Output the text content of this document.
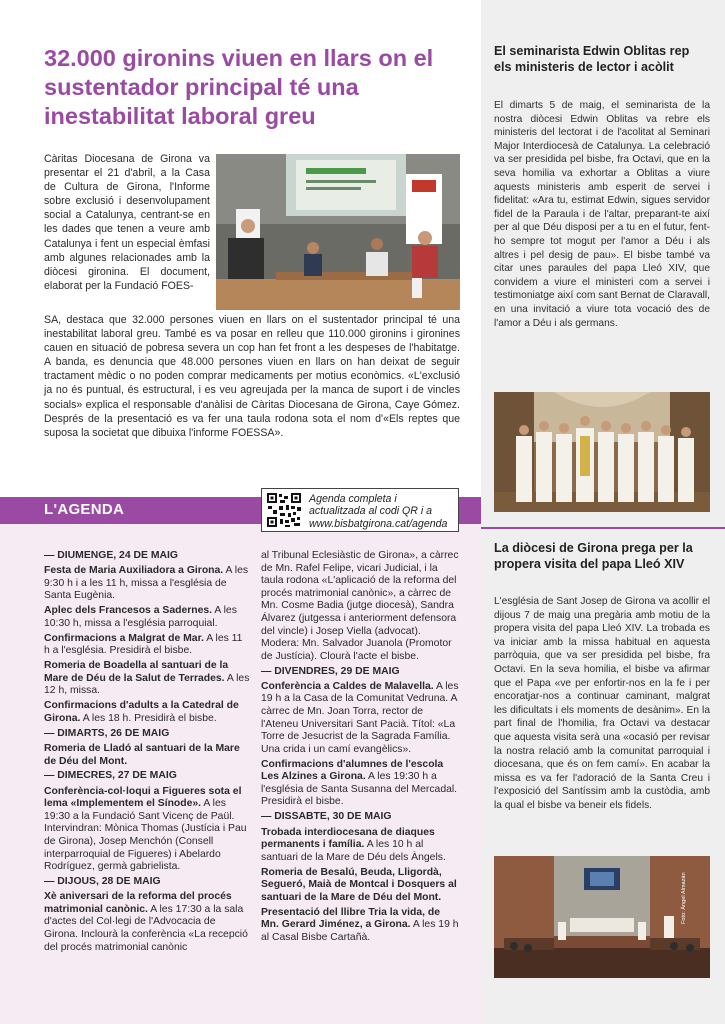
32.000 gironins viuen en llars on el sustentador principal té una inestabilitat laboral greu

Càritas Diocesana de Girona va presentar el 21 d'abril, a la Casa de Cultura de Girona, l'Informe sobre exclusió i desenvolupament social a Catalunya, centrant-se en les dades que tenen a veure amb Catalunya i fent un especial èmfasi amb algunes relacionades amb la diòcesi gironina. El document, elaborat per la Fundació FOES-

SA, destaca que 32.000 persones viuen en llars on el sustentador principal té una inestabilitat laboral greu. També es va posar en relleu que 110.000 gironins i gironines cauen en situació de pobresa severa un cop han fet front a les despeses de l'habitatge. A banda, es denuncia que 48.000 persones viuen en llars on han deixat de seguir tractament mèdic o no poden comprar medicaments per motius econòmics. «L'exclusió ja no és puntual, és estructural, i es veu agreujada per la manca de suport i de vincles socials» explica el responsable d'anàlisi de Càritas Diocesana de Girona, Caye Gómez. Després de la presentació es va fer una taula rodona sota el nom d'«Els reptes que suposa la societat que dibuixa l'informe FOESSA».

L'AGENDA
Agenda completa i actualitzada al codi QR i a www.bisbatgirona.cat/agenda

— DIUMENGE, 24 DE MAIG

Festa de Maria Auxiliadora a Girona. A les 9:30 h i a les 11 h, missa a l'església de Santa Eugènia.

Aplec dels Francesos a Sadernes. A les 10:30 h, missa a l'església parroquial.

Confirmacions a Malgrat de Mar. A les 11 h a l'església. Presidirà el bisbe.

Romeria de Boadella al santuari de la Mare de Déu de la Salut de Terrades. A les 12 h, missa.

Confirmacions d'adults a la Catedral de Girona. A les 18 h. Presidirà el bisbe.

— DIMARTS, 26 DE MAIG

Romeria de Lladó al santuari de la Mare de Déu del Mont.

— DIMECRES, 27 DE MAIG

Conferència-col·loqui a Figueres sota el lema «Implementem el Sínode». A les 19:30 a la Fundació Sant Vicenç de Paül. Intervindran: Mònica Thomas (Justícia i Pau de Girona), Josep Menchón (Consell interparroquial de Figueres) i Abelardo Rodríguez, germà gabrielista.

— DIJOUS, 28 DE MAIG

Xè aniversari de la reforma del procés matrimonial canònic. A les 17:30 a la sala d'actes del Col·legi de l'Advocacia de Girona. Inclourà la conferència «La recepció del procés matrimonial canònic

al Tribunal Eclesiàstic de Girona», a càrrec de Mn. Rafel Felipe, vicari Judicial, i la taula rodona «L'aplicació de la reforma del procés matrimonial canònic», a càrrec de Mn. Cosme Badia (jutge diocesà), Sandra Álvarez (jutgessa i anteriorment defensora del vincle) i Josep Viella (advocat). Modera: Mn. Salvador Juanola (Promotor de Justícia). Clourà l'acte el bisbe.

— DIVENDRES, 29 DE MAIG

Conferència a Caldes de Malavella. A les 19 h a la Casa de la Comunitat Vedruna. A càrrec de Mn. Joan Torra, rector de l'Ateneu Universitari Sant Pacià. Títol: «La Torre de Jesucrist de la Sagrada Família. Una crida i un camí evangèlics».

Confirmacions d'alumnes de l'escola Les Alzines a Girona. A les 19:30 h a l'església de Santa Susanna del Mercadal. Presidirà el bisbe.

— DISSABTE, 30 DE MAIG

Trobada interdiocesana de diaques permanents i família. A les 10 h al santuari de la Mare de Déu dels Àngels.

Romeria de Besalú, Beuda, Lligordà, Segueró, Maià de Montcal i Dosquers al santuari de la Mare de Déu del Mont.

Presentació del llibre Tria la vida, de Mn. Gerard Jiménez, a Girona. A les 19 h al Casal Bisbe Cartañà.

El seminarista Edwin Oblitas rep els ministeris de lector i acòlit

El dimarts 5 de maig, el seminarista de la nostra diòcesi Edwin Oblitas va rebre els ministeris del lectorat i de l'acolitat al Seminari Major Interdiocesà de Catalunya. La celebració va ser presidida pel bisbe, fra Octavi, que en la seva homilia va exhortar a Oblitas a viure aquests ministeris amb esperit de servei i fidelitat: «Ara tu, estimat Edwin, sigues servidor fidel de la Paraula i de l'altar, preparant-te així per al que Déu disposi per a tu en el futur, fent-ho sempre tot mogut per l'amor a Déu i als altres i pel desig de pau». El bisbe també va citar unes paraules del papa Lleó XIV, que convidem a viure el ministeri com a servei i testimoniatge així com sant Bernat de Claravall, en una invitació a viure tota vocació des de l'amor a Déu i als germans.

La diòcesi de Girona prega per la propera visita del papa Lleó XIV

L'església de Sant Josep de Girona va acollir el dijous 7 de maig una pregària amb motiu de la propera visita del papa Lleó XIV. La trobada es va iniciar amb la missa habitual en aquesta parròquia, que va ser presidida pel bisbe, fra Octavi. En la seva homilia, el bisbe va afirmar que el Papa «ve per enfortir-nos en la fe i per encoratjar-nos a continuar caminant, malgrat les dificultats i els moments de desànim». En la part final de l'homilia, fra Octavi va destacar que aquesta visita serà una «ocasió per revisar la nostra relació amb la comunitat parroquial i diocesana, que és on fem camí». En acabar la missa es va fer l'adoració de la Santa Creu i l'exposició del Santíssim amb la custòdia, amb la qual el bisbe va beneir els fidels.

Foto: Àngel Almazán
